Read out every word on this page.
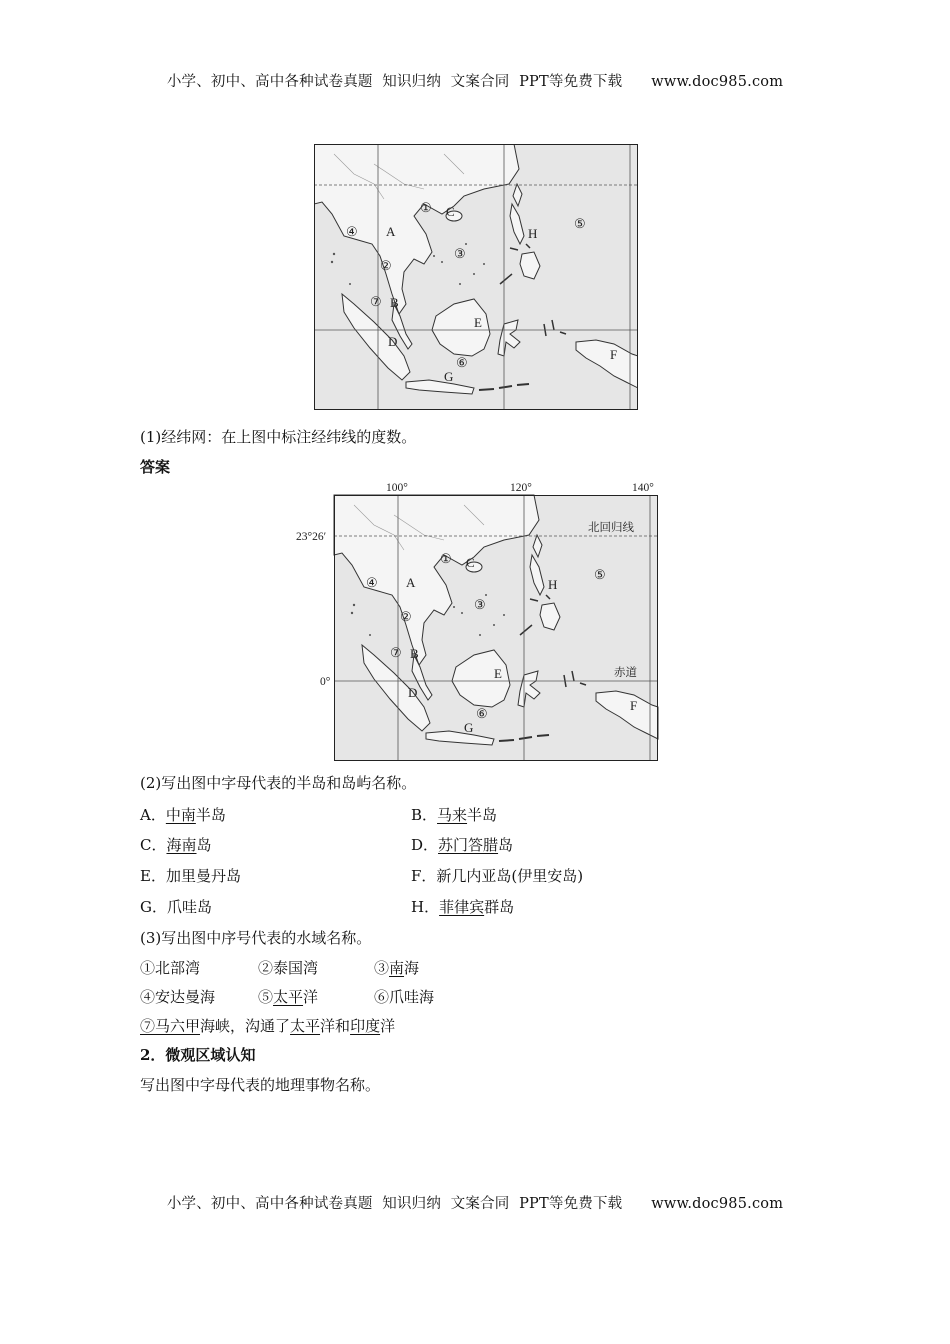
小学、初中、高中各种试卷真题  知识归纳  文案合同  PPT等免费下载      www.doc985.com
A
B
C
D
E
F
G
H
①
②
③
④
⑤
⑥
⑦
(1)经纬网：在上图中标注经纬线的度数。
答案
A
B
C
D
E
F
G
H
①
②
③
④
⑤
⑥
⑦
北回归线
赤道
100°	120°	140°
23°26′
0°
(2)写出图中字母代表的半岛和岛屿名称。
A．中南半岛	B．马来半岛
C．海南岛	D．苏门答腊岛
E．加里曼丹岛	F．新几内亚岛(伊里安岛)
G．爪哇岛	H．菲律宾群岛
(3)写出图中序号代表的水域名称。
①北部湾	②泰国湾	③南海
④安达曼海	⑤太平洋	⑥爪哇海
⑦马六甲海峡，沟通了太平洋和印度洋
2．微观区域认知
写出图中字母代表的地理事物名称。
小学、初中、高中各种试卷真题  知识归纳  文案合同  PPT等免费下载      www.doc985.com
